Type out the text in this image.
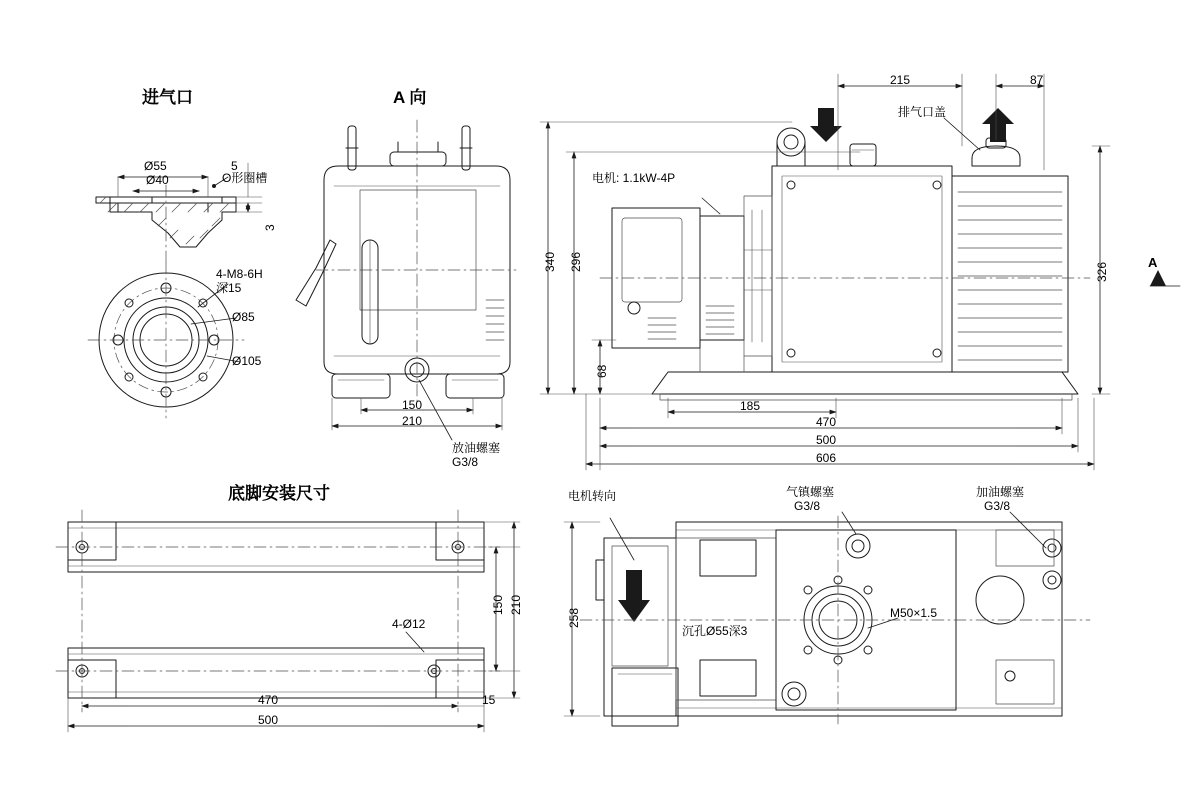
进气口	A 向
底脚安装尺寸
Ø55	5
Ø40	O形圈槽
3
4-M8-6H
深15
Ø85
Ø105
150
210
放油螺塞
G3/8
215	87
排气口盖
电机: 1.1kW-4P
340 296
68
326	A
185
470
500
606
150 210
4-Ø12
470	15
500
电机转向	气镇螺塞
G3/8
加油螺塞
G3/8
258	M50×1.5
沉孔Ø55深3
